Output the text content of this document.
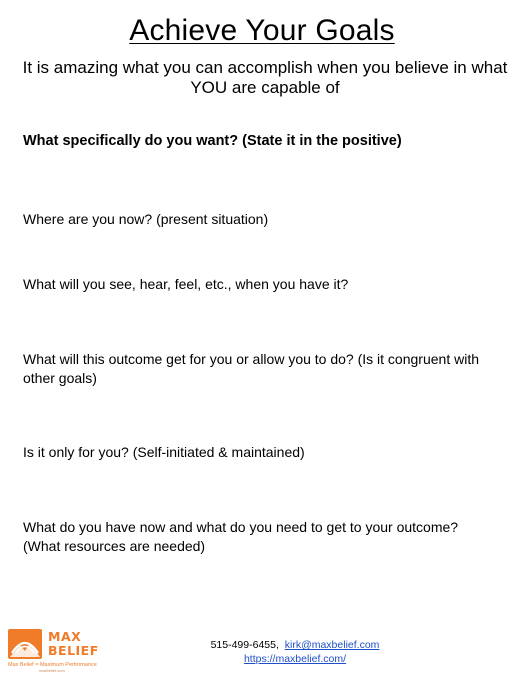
Achieve Your Goals
It is amazing what you can accomplish when you believe in what YOU are capable of
What specifically do you want? (State it in the positive)
Where are you now? (present situation)
What will you see, hear, feel, etc., when you have it?
What will this outcome get for you or allow you to do? (Is it congruent with other goals)
Is it only for you? (Self-initiated & maintained)
What do you have now and what do you need to get to your outcome? (What resources are needed)
MAX
BELIEF
Max Belief = Maximum Performance
maxbelief.com
515-499-6455, kirk@maxbelief.com
https://maxbelief.com/
